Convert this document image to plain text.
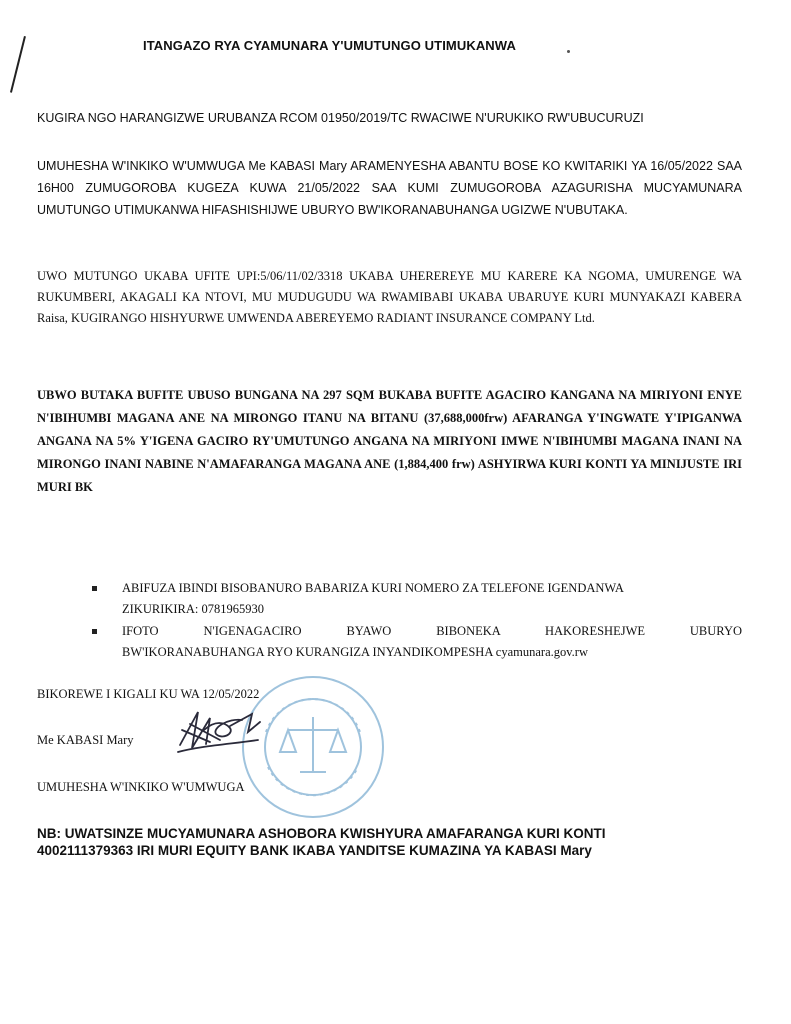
ITANGAZO RYA CYAMUNARA Y'UMUTUNGO UTIMUKANWA
KUGIRA NGO HARANGIZWE URUBANZA RCOM 01950/2019/TC RWACIWE N'URUKIKO RW'UBUCURUZI
UMUHESHA W'INKIKO W'UMWUGA Me KABASI Mary ARAMENYESHA ABANTU BOSE KO KWITARIKI YA 16/05/2022 SAA 16H00 ZUMUGOROBA KUGEZA KUWA 21/05/2022 SAA KUMI ZUMUGOROBA AZAGURISHA MUCYAMUNARA UMUTUNGO UTIMUKANWA HIFASHISHIJWE UBURYO BW'IKORANABUHANGA UGIZWE N'UBUTAKA.
UWO MUTUNGO UKABA UFITE UPI:5/06/11/02/3318 UKABA UHEREREYE MU KARERE KA NGOMA, UMURENGE WA RUKUMBERI, AKAGALI KA NTOVI, MU MUDUGUDU WA RWAMIBABI UKABA UBARUYE KURI MUNYAKAZI KABERA Raisa, KUGIRANGO HISHYURWE UMWENDA ABEREYEMO RADIANT INSURANCE COMPANY Ltd.
UBWO BUTAKA BUFITE UBUSO BUNGANA NA 297 SQM BUKABA BUFITE AGACIRO KANGANA NA MIRIYONI ENYE N'IBIHUMBI MAGANA ANE NA MIRONGO ITANU NA BITANU (37,688,000frw) AFARANGA Y'INGWATE Y'IPIGANWA ANGANA NA 5% Y'IGENA GACIRO RY'UMUTUNGO ANGANA NA MIRIYONI IMWE N'IBIHUMBI MAGANA INANI NA MIRONGO INANI NABINE N'AMAFARANGA MAGANA ANE (1,884,400 frw) ASHYIRWA KURI KONTI YA MINIJUSTE IRI MURI BK
ABIFUZA IBINDI BISOBANURO BABARIZA KURI NOMERO ZA TELEFONE IGENDANWA
ZIKURIKIRA: 0781965930
IFOTO N'IGENAGACIRO BYAWO BIBONEKA HAKORESHEJWE UBURYO
BW'IKORANABUHANGA RYO KURANGIZA INYANDIKOMPESHA cyamunara.gov.rw
BIKOREWE I KIGALI KU WA 12/05/2022
Me KABASI Mary
UMUHESHA W'INKIKO W'UMWUGA
NB: UWATSINZE MUCYAMUNARA ASHOBORA KWISHYURA AMAFARANGA KURI KONTI
4002111379363 IRI MURI EQUITY BANK IKABA YANDITSE KUMAZINA YA KABASI Mary
